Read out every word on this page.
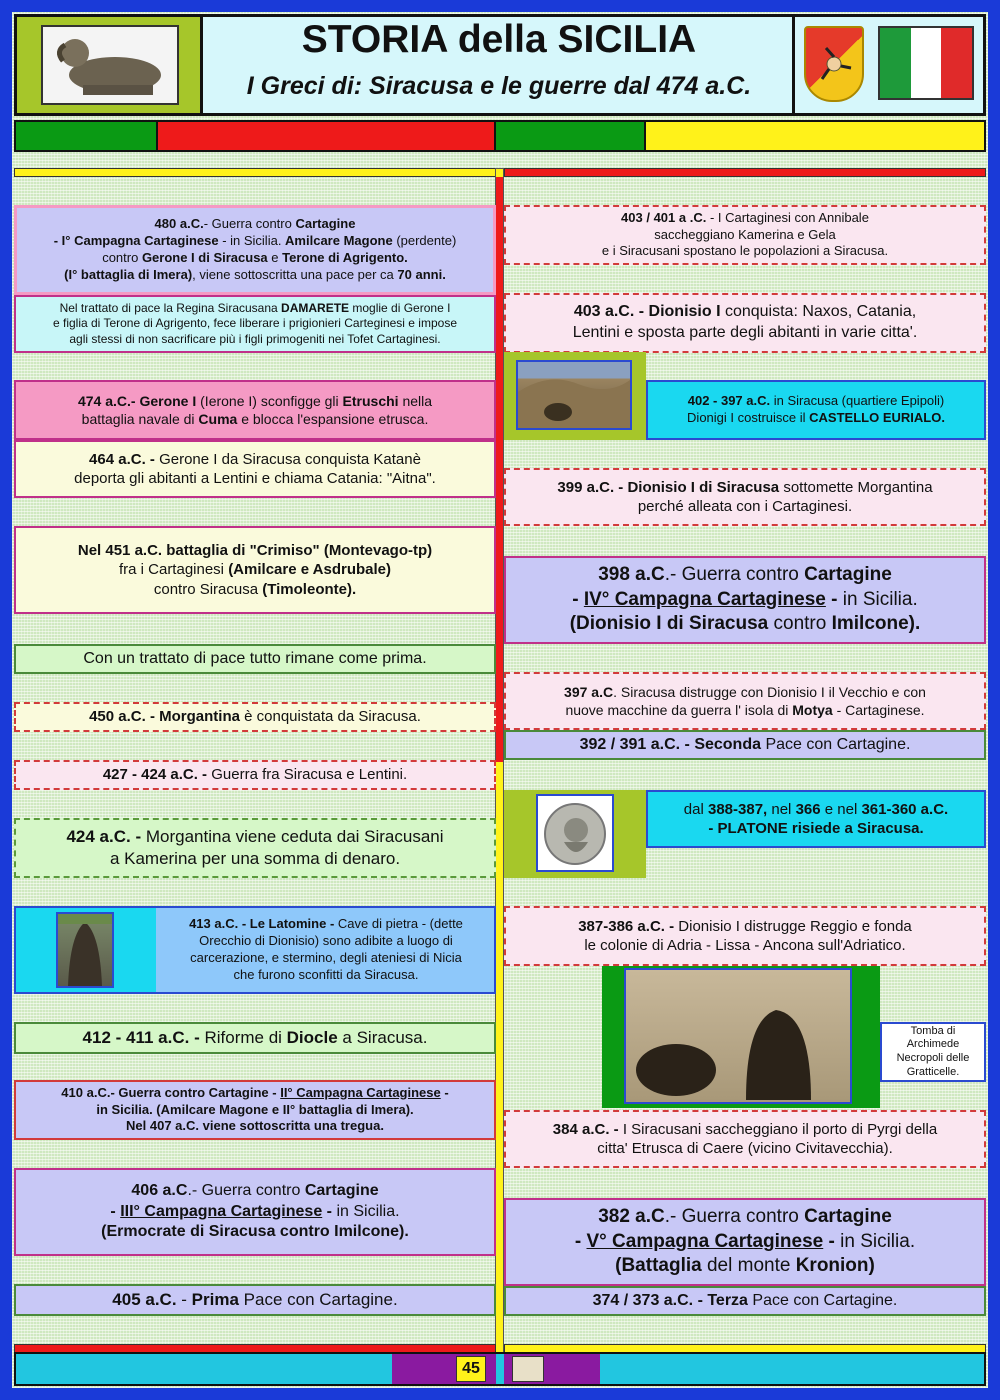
STORIA della SICILIA
I Greci di: Siracusa e le guerre dal 474 a.C.
480 a.C.- Guerra contro Cartagine
- I° Campagna Cartaginese - in Sicilia. Amilcare Magone (perdente)
contro Gerone I di Siracusa e Terone di Agrigento.
(I° battaglia di Imera), viene sottoscritta una pace per ca 70 anni.
Nel trattato di pace la Regina Siracusana DAMARETE moglie di Gerone I
e figlia di Terone di Agrigento, fece liberare i prigionieri Carteginesi e impose
agli stessi di non sacrificare più i figli primogeniti nei Tofet Cartaginesi.
474 a.C.- Gerone I (Ierone I) sconfigge gli Etruschi nella
battaglia navale di Cuma e blocca l'espansione etrusca.
464 a.C. - Gerone I da Siracusa conquista Katanè
deporta gli abitanti a Lentini e chiama Catania: "Aitna".
Nel 451 a.C. battaglia di "Crimiso" (Montevago-tp)
fra i Cartaginesi (Amilcare e Asdrubale)
contro Siracusa (Timoleonte).
Con un trattato di pace tutto rimane come prima.
450 a.C. - Morgantina è conquistata da Siracusa.
427 - 424 a.C. - Guerra fra Siracusa e Lentini.
424 a.C. - Morgantina viene ceduta dai Siracusani
a Kamerina per una somma di denaro.
413 a.C. - Le Latomine - Cave di pietra - (dette
Orecchio di Dionisio) sono adibite a luogo di
carcerazione, e stermino, degli ateniesi di Nicia
che furono sconfitti da Siracusa.
412 - 411 a.C. - Riforme di Diocle a Siracusa.
410 a.C.- Guerra contro Cartagine - II° Campagna Cartaginese -
in Sicilia. (Amilcare Magone e II° battaglia di Imera).
Nel 407 a.C. viene sottoscritta una tregua.
406 a.C.- Guerra contro Cartagine
- III° Campagna Cartaginese - in Sicilia.
(Ermocrate di Siracusa contro Imilcone).
405 a.C. - Prima Pace con Cartagine.
403 / 401 a .C. - I Cartaginesi con Annibale
saccheggiano Kamerina e Gela
e i Siracusani spostano le popolazioni a Siracusa.
403 a.C. - Dionisio I conquista: Naxos, Catania,
Lentini e sposta parte degli abitanti in varie citta'.
402 - 397 a.C. in Siracusa (quartiere Epipoli)
Dionigi I costruisce il CASTELLO EURIALO.
399 a.C. - Dionisio I di Siracusa sottomette Morgantina
perché alleata con i Cartaginesi.
398 a.C.- Guerra contro Cartagine
- IV° Campagna Cartaginese - in Sicilia.
(Dionisio I di Siracusa contro Imilcone).
397 a.C. Siracusa distrugge con Dionisio I il Vecchio e con
nuove macchine da guerra l' isola di Motya - Cartaginese.
392 / 391 a.C. - Seconda Pace con Cartagine.
dal 388-387, nel 366 e nel 361-360 a.C.
- PLATONE risiede a Siracusa.
387-386 a.C. - Dionisio I distrugge Reggio e fonda
le colonie di Adria - Lissa - Ancona sull'Adriatico.
Tomba di Archimede Necropoli delle Gratticelle.
384 a.C. - I Siracusani saccheggiano il porto di Pyrgi della
citta' Etrusca di Caere (vicino Civitavecchia).
382 a.C.- Guerra contro Cartagine
- V° Campagna Cartaginese - in Sicilia.
(Battaglia del monte Kronion)
374 / 373 a.C. - Terza Pace con Cartagine.
45
